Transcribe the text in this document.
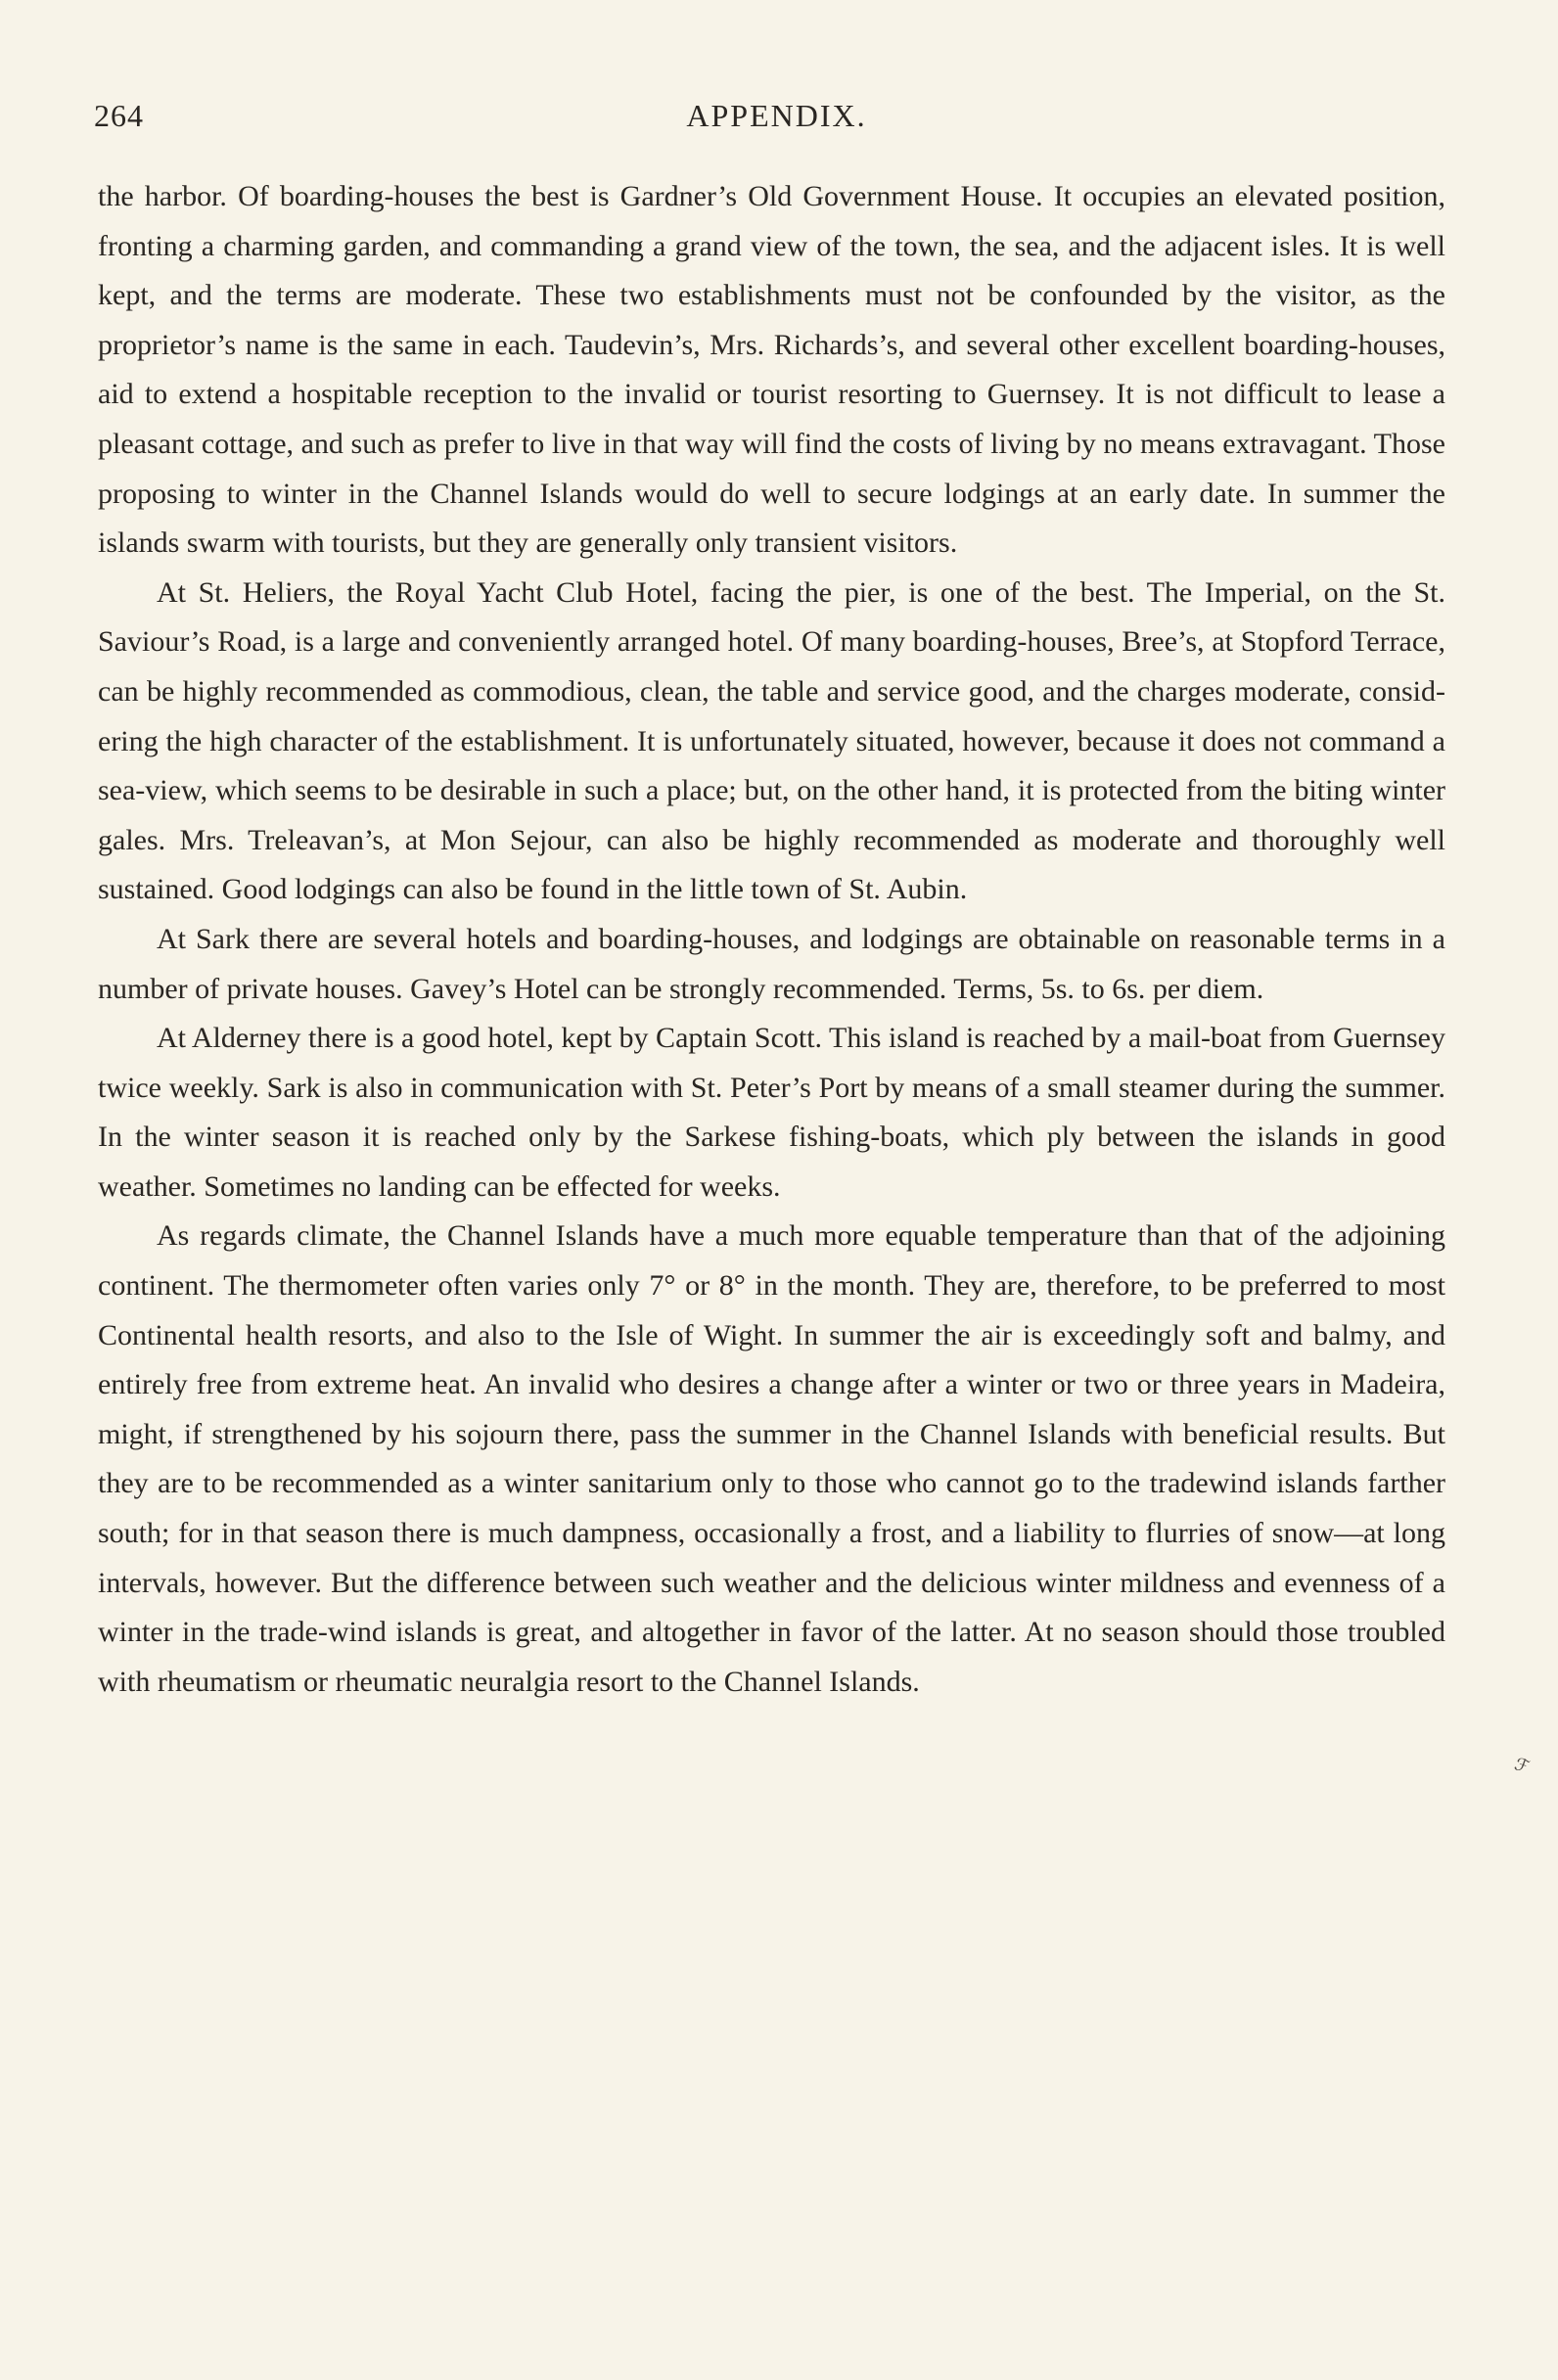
264	APPENDIX.

the harbor. Of boarding-houses the best is Gardner’s Old Government House. It occupies an elevated position, fronting a charming garden, and commanding a grand view of the town, the sea, and the adjacent isles. It is well kept, and the terms are moderate. These two establishments must not be confounded by the visitor, as the proprietor’s name is the same in each. Taudevin’s, Mrs. Richards’s, and several other excellent boarding-houses, aid to extend a hospitable reception to the invalid or tourist resorting to Guernsey. It is not difficult to lease a pleasant cottage, and such as prefer to live in that way will find the costs of living by no means extravagant. Those proposing to winter in the Channel Islands would do well to secure lodgings at an early date. In summer the islands swarm with tourists, but they are generally only transient visitors.

At St. Heliers, the Royal Yacht Club Hotel, facing the pier, is one of the best. The Imperial, on the St. Saviour’s Road, is a large and conveniently arranged hotel. Of many boarding-houses, Bree’s, at Stopford Terrace, can be highly recommended as commodious, clean, the table and service good, and the charges moderate, considering the high character of the establishment. It is unfortunately situated, however, because it does not command a sea-view, which seems to be desirable in such a place; but, on the other hand, it is protected from the biting winter gales. Mrs. Treleavan’s, at Mon Sejour, can also be highly recommended as moderate and thoroughly well sustained. Good lodgings can also be found in the little town of St. Aubin.

At Sark there are several hotels and boarding-houses, and lodgings are obtainable on reasonable terms in a number of private houses. Gavey’s Hotel can be strongly recommended. Terms, 5s. to 6s. per diem.

At Alderney there is a good hotel, kept by Captain Scott. This island is reached by a mail-boat from Guernsey twice weekly. Sark is also in communication with St. Peter’s Port by means of a small steamer during the summer. In the winter season it is reached only by the Sarkese fishing-boats, which ply between the islands in good weather. Sometimes no landing can be effected for weeks.

As regards climate, the Channel Islands have a much more equable temperature than that of the adjoining continent. The thermometer often varies only 7° or 8° in the month. They are, therefore, to be preferred to most Continental health resorts, and also to the Isle of Wight. In summer the air is exceedingly soft and balmy, and entirely free from extreme heat. An invalid who desires a change after a winter or two or three years in Madeira, might, if strengthened by his sojourn there, pass the summer in the Channel Islands with beneficial results. But they are to be recommended as a winter sanitarium only to those who cannot go to the tradewind islands farther south; for in that season there is much dampness, occasionally a frost, and a liability to flurries of snow—at long intervals, however. But the difference between such weather and the delicious winter mildness and evenness of a winter in the trade-wind islands is great, and altogether in favor of the latter. At no season should those troubled with rheumatism or rheumatic neuralgia resort to the Channel Islands.

ℱ
